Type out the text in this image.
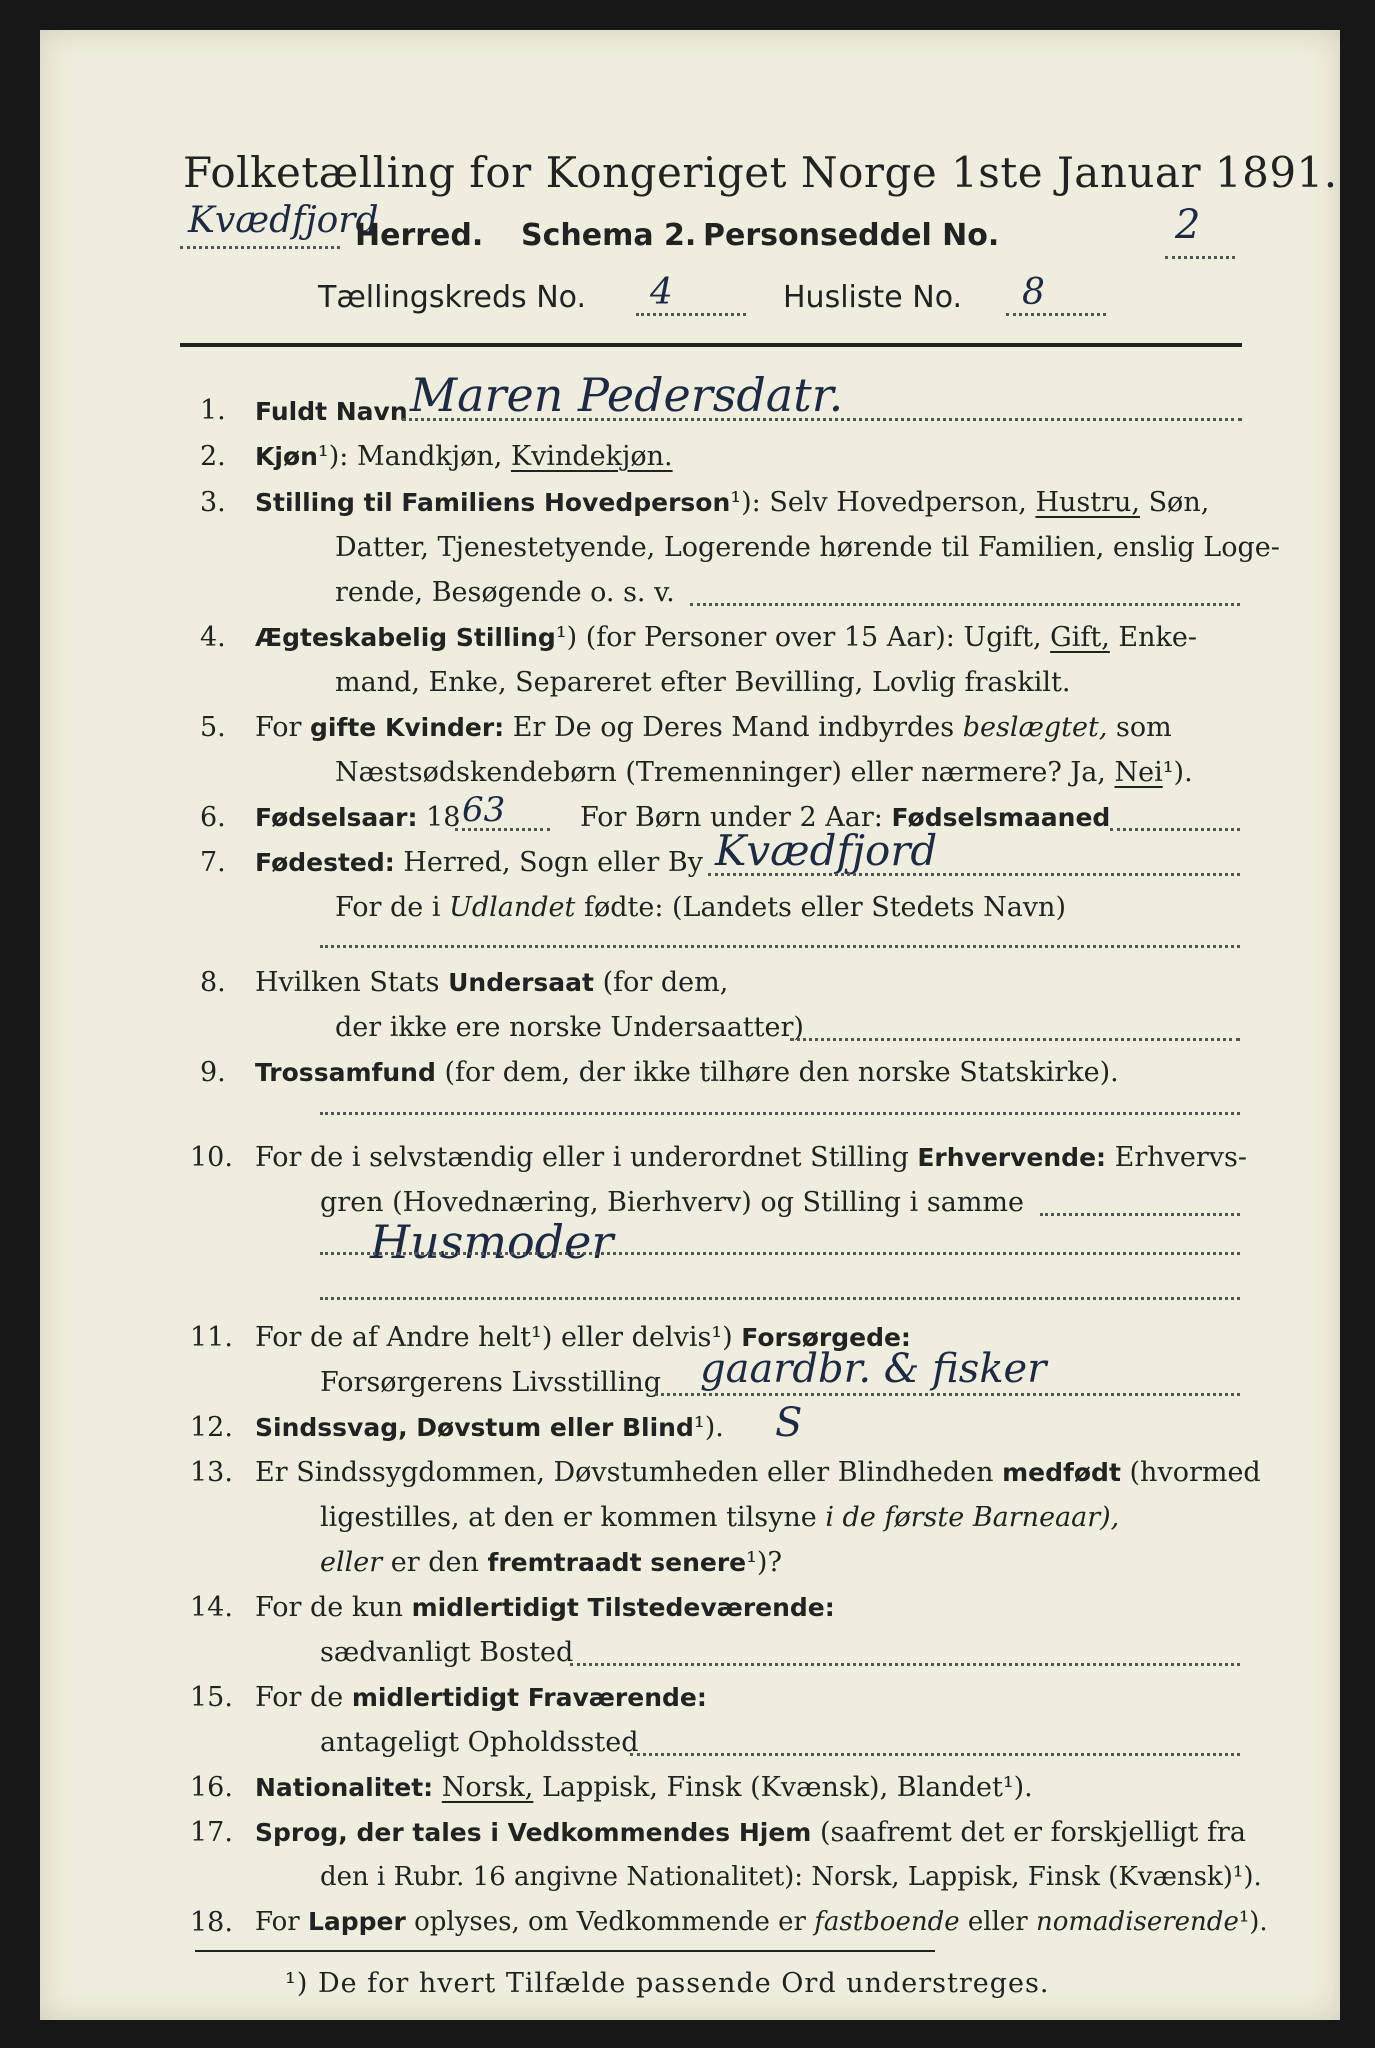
Folketælling for Kongeriget Norge 1ste Januar 1891.
Kvædfjord
Herred. Schema 2. Personseddel No.	2
Tællingskreds No. 4	Husliste No. 8
1. Fuldt Navn Maren Pedersdatr.
2. Kjøn¹): Mandkjøn, Kvindekjøn.
3. Stilling til Familiens Hovedperson¹): Selv Hovedperson, Hustru, Søn,
Datter, Tjenestetyende, Logerende hørende til Familien, enslig Loge-
rende, Besøgende o. s. v.
4. Ægteskabelig Stilling¹) (for Personer over 15 Aar): Ugift, Gift, Enke-
mand, Enke, Separeret efter Bevilling, Lovlig fraskilt.
5. For gifte Kvinder: Er De og Deres Mand indbyrdes beslægtet, som
Næstsødskendebørn (Tremenninger) eller nærmere? Ja, Nei¹).
6. Fødselsaar: 18 63	For Børn under 2 Aar: Fødselsmaaned
7. Fødested: Herred, Sogn eller By Kvædfjord
For de i Udlandet fødte: (Landets eller Stedets Navn)
8. Hvilken Stats Undersaat (for dem,
der ikke ere norske Undersaatter)
9. Trossamfund (for dem, der ikke tilhøre den norske Statskirke).
10. For de i selvstændig eller i underordnet Stilling Erhvervende: Erhvervs-
gren (Hovednæring, Bierhverv) og Stilling i samme
Husmoder
11. For de af Andre helt¹) eller delvis¹) Forsørgede:
Forsørgerens Livsstilling gaardbr. & fisker
12. Sindssvag, Døvstum eller Blind¹). S
13. Er Sindssygdommen, Døvstumheden eller Blindheden medfødt (hvormed
ligestilles, at den er kommen tilsyne i de første Barneaar),
eller er den fremtraadt senere¹)?
14. For de kun midlertidigt Tilstedeværende:
sædvanligt Bosted
15. For de midlertidigt Fraværende:
antageligt Opholdssted
16. Nationalitet: Norsk, Lappisk, Finsk (Kvænsk), Blandet¹).
17. Sprog, der tales i Vedkommendes Hjem (saafremt det er forskjelligt fra
den i Rubr. 16 angivne Nationalitet): Norsk, Lappisk, Finsk (Kvænsk)¹).
18. For Lapper oplyses, om Vedkommende er fastboende eller nomadiserende¹).
¹) De for hvert Tilfælde passende Ord understreges.
